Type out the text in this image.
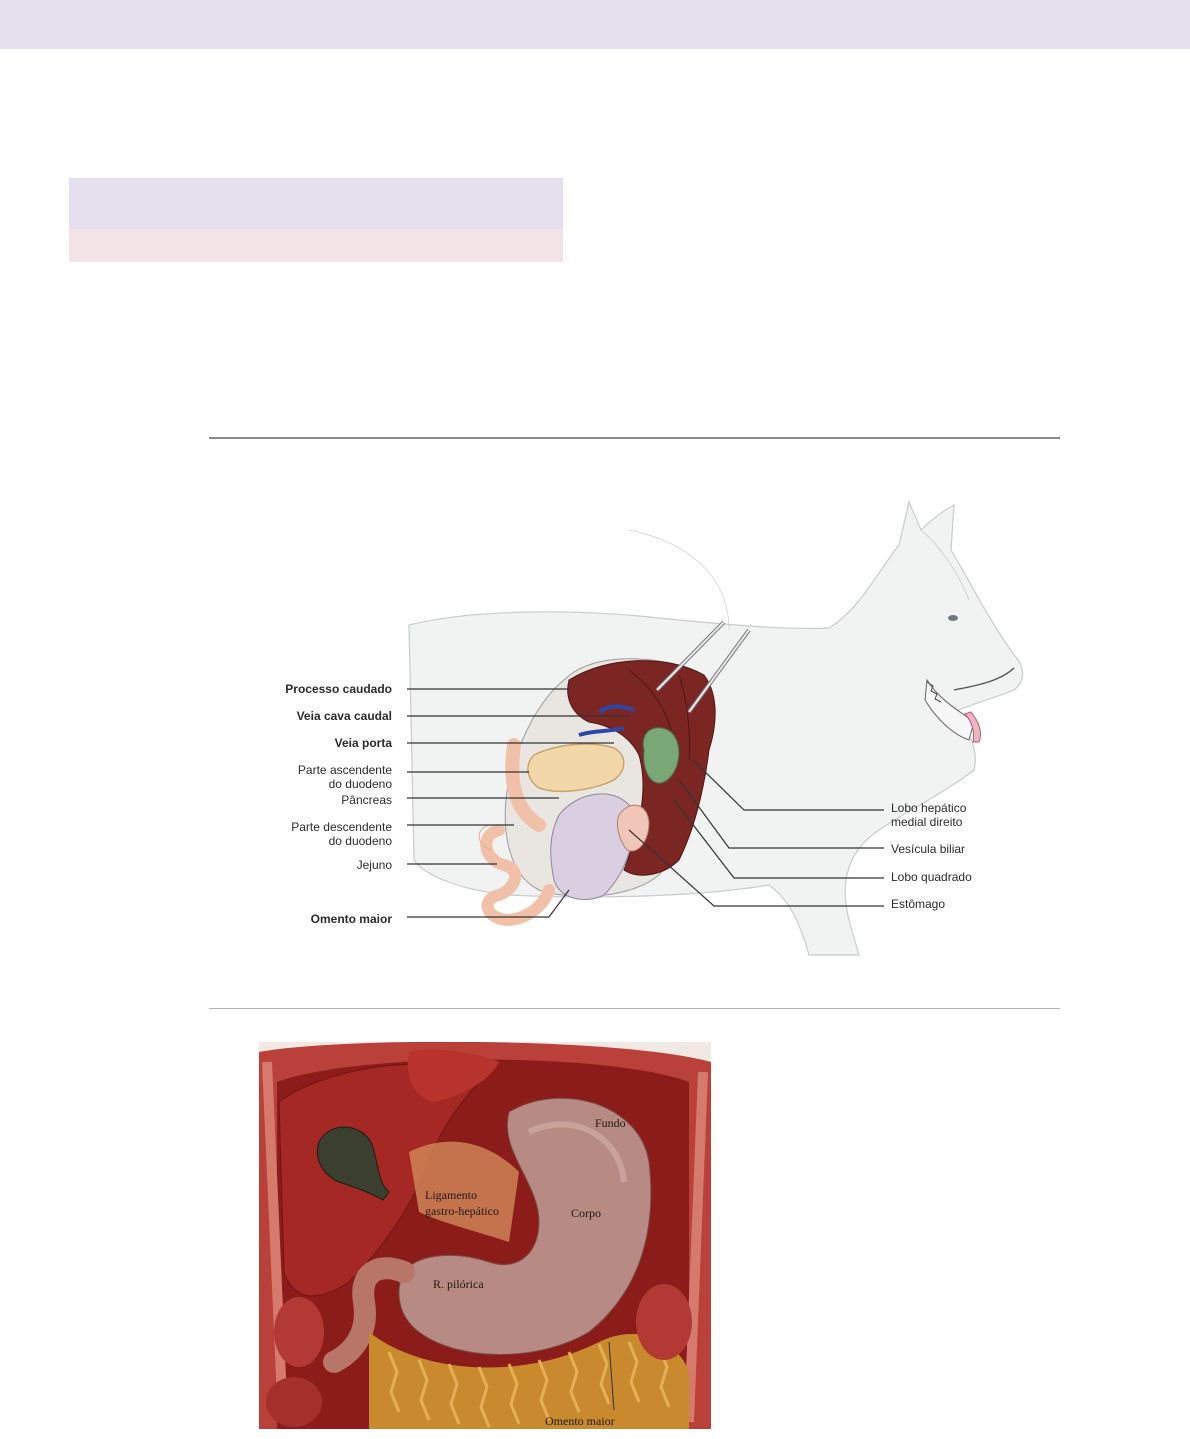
Processo caudado
Veia cava caudal
Veia porta
Parte ascendente
do duodeno
Pâncreas
Parte descendente
do duodeno
Jejuno
Omento maior
Lobo hepático
medial direito
Vesícula biliar
Lobo quadrado
Estômago
Fundo
Ligamento
gastro-hepático	Corpo
R. pilórica
Omento maior
